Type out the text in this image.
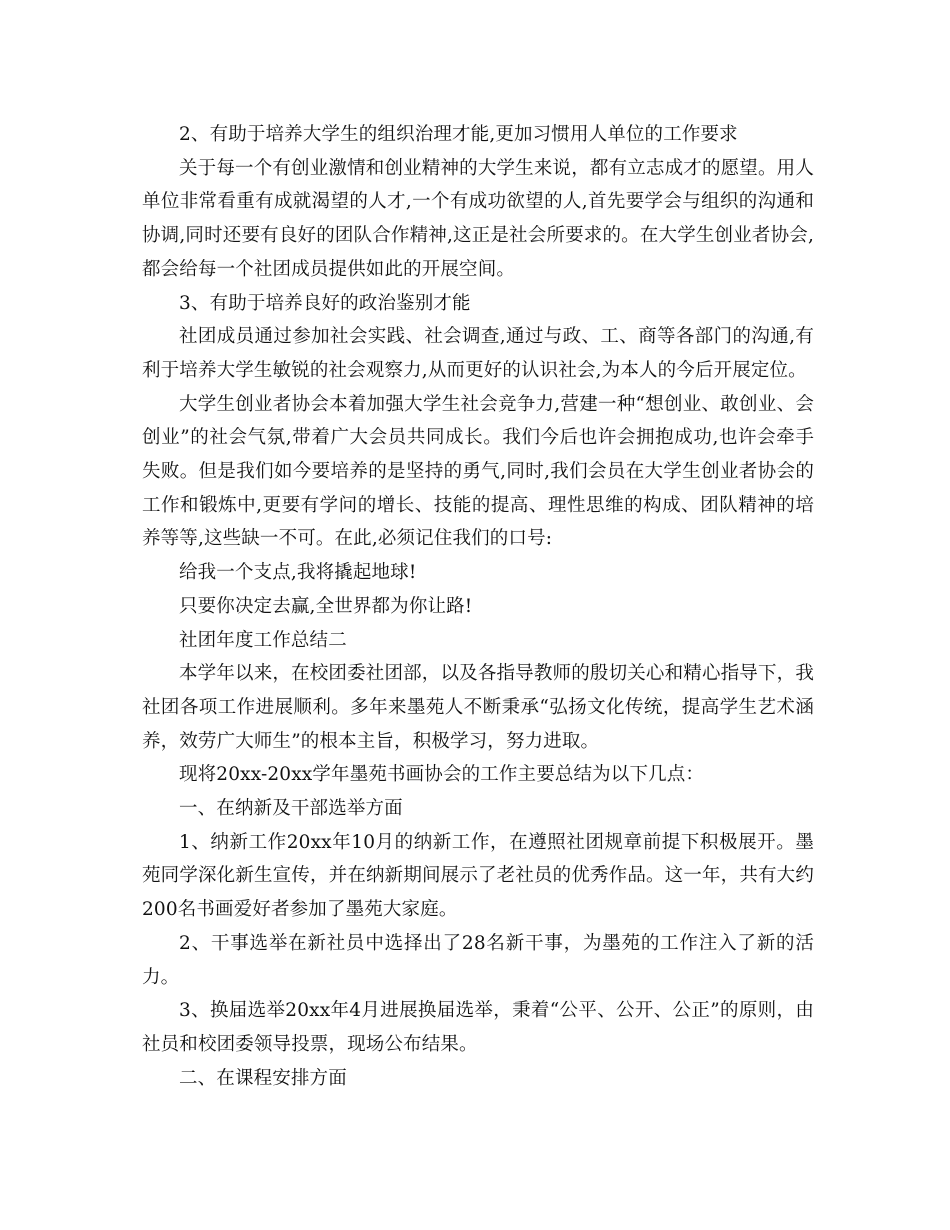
2、有助于培养大学生的组织治理才能,更加习惯用人单位的工作要求

关于每一个有创业激情和创业精神的大学生来说，都有立志成才的愿望。用人单位非常看重有成就渴望的人才,一个有成功欲望的人,首先要学会与组织的沟通和协调,同时还要有良好的团队合作精神,这正是社会所要求的。在大学生创业者协会,都会给每一个社团成员提供如此的开展空间。

3、有助于培养良好的政治鉴别才能

社团成员通过参加社会实践、社会调查,通过与政、工、商等各部门的沟通,有利于培养大学生敏锐的社会观察力,从而更好的认识社会,为本人的今后开展定位。

大学生创业者协会本着加强大学生社会竞争力,营建一种“想创业、敢创业、会创业”的社会气氛,带着广大会员共同成长。我们今后也许会拥抱成功,也许会牵手失败。但是我们如今要培养的是坚持的勇气,同时,我们会员在大学生创业者协会的工作和锻炼中,更要有学问的增长、技能的提高、理性思维的构成、团队精神的培养等等,这些缺一不可。在此,必须记住我们的口号:

给我一个支点,我将撬起地球!

只要你决定去赢,全世界都为你让路!

社团年度工作总结二

本学年以来，在校团委社团部，以及各指导教师的殷切关心和精心指导下，我社团各项工作进展顺利。多年来墨苑人不断秉承“弘扬文化传统，提高学生艺术涵养，效劳广大师生”的根本主旨，积极学习，努力进取。

现将20xx-20xx学年墨苑书画协会的工作主要总结为以下几点：

一、在纳新及干部选举方面

1、纳新工作20xx年10月的纳新工作，在遵照社团规章前提下积极展开。墨苑同学深化新生宣传，并在纳新期间展示了老社员的优秀作品。这一年，共有大约200名书画爱好者参加了墨苑大家庭。

2、干事选举在新社员中选择出了28名新干事，为墨苑的工作注入了新的活力。

3、换届选举20xx年4月进展换届选举，秉着“公平、公开、公正”的原则，由社员和校团委领导投票，现场公布结果。

二、在课程安排方面
